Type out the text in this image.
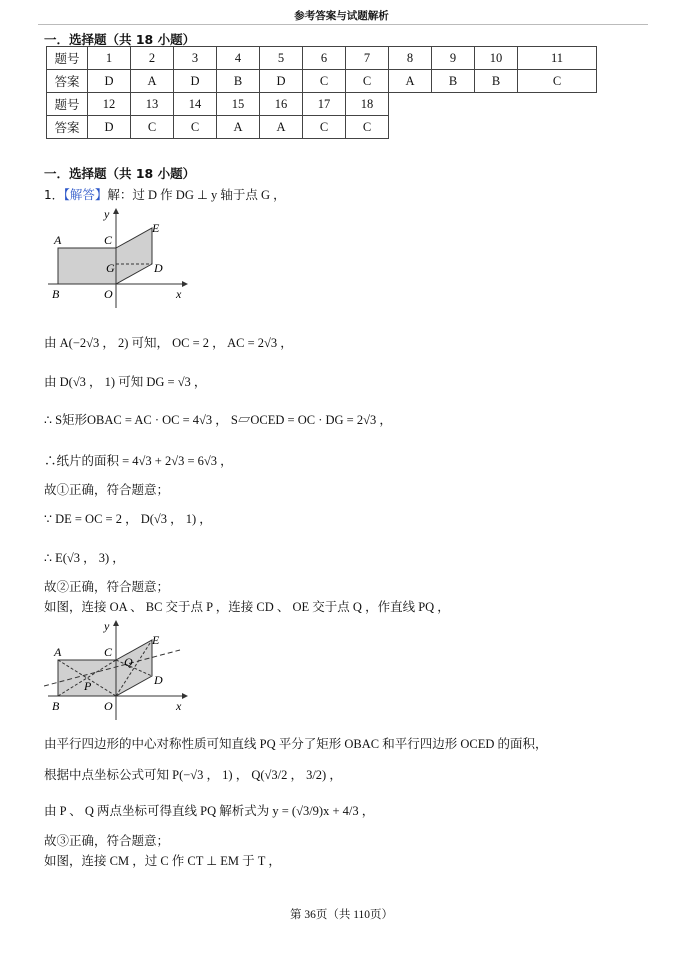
参考答案与试题解析
一．选择题（共 18 小题）
题号	1	2	3	4	5	6	7	8	9	10	11
答案	D	A	D	B	D	C	C	A	B	B	C
题号	12	13	14	15	16	17	18				
答案	D	C	C	A	A	C	C				
一．选择题（共 18 小题）
1．【解答】解：过 D 作 DG ⊥ y 轴于点 G ，
y
x
A
B
C
E
G	D
O
由 A(−2√3 ， 2) 可知， OC = 2 ， AC = 2√3 ，
由 D(√3 ， 1) 可知 DG = √3 ，
∴ S矩形OBAC = AC · OC = 4√3 ， S▱OCED = OC · DG = 2√3 ，
∴纸片的面积 = 4√3 + 2√3 = 6√3 ，
故①正确，符合题意；
∵ DE = OC = 2 ， D(√3 ， 1) ，
∴ E(√3 ， 3) ，
故②正确，符合题意；
如图，连接 OA 、 BC 交于点 P ，连接 CD 、 OE 交于点 Q ，作直线 PQ ，
y
x
A
B
C
E
Q
D
P
O
由平行四边形的中心对称性质可知直线 PQ 平分了矩形 OBAC 和平行四边形 OCED 的面积，
根据中点坐标公式可知 P(−√3 ， 1) ， Q(√3/2 ， 3/2) ，
由 P 、 Q 两点坐标可得直线 PQ 解析式为 y = (√3/9)x + 4/3 ，
故③正确，符合题意；
如图，连接 CM ，过 C 作 CT ⊥ EM 于 T ，
第 36页（共 110页）
